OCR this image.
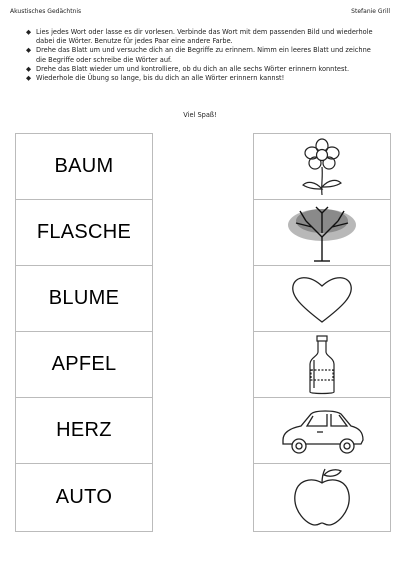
Akustisches Gedächtnis	Stefanie Grill
◆ Lies jedes Wort oder lasse es dir vorlesen. Verbinde das Wort mit dem passenden Bild und wiederhole dabei die Wörter. Benutze für jedes Paar eine andere Farbe.
◆ Drehe das Blatt um und versuche dich an die Begriffe zu erinnern. Nimm ein leeres Blatt und zeichne die Begriffe oder schreibe die Wörter auf.
◆ Drehe das Blatt wieder um und kontrolliere, ob du dich an alle sechs Wörter erinnern konntest.
◆ Wiederhole die Übung so lange, bis du dich an alle Wörter erinnern kannst!
Viel Spaß!
BAUM
FLASCHE
BLUME
APFEL
HERZ
AUTO
